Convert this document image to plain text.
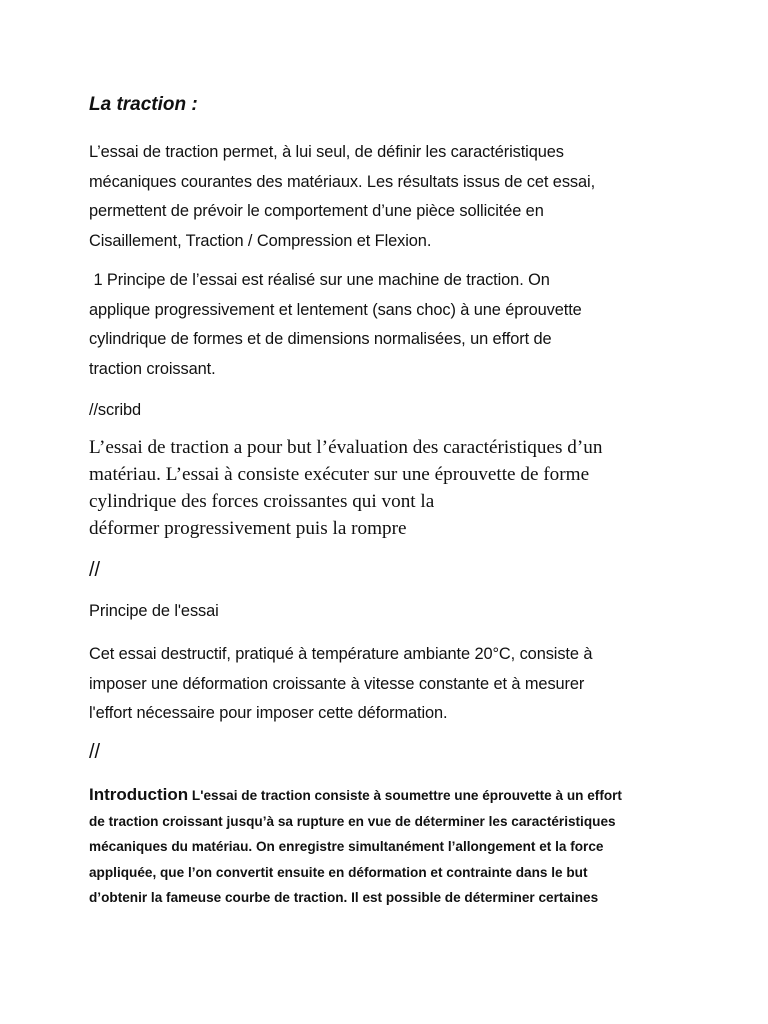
La traction :
L’essai de traction permet, à lui seul, de définir les caractéristiques
mécaniques courantes des matériaux. Les résultats issus de cet essai,
permettent de prévoir le comportement d’une pièce sollicitée en
Cisaillement, Traction / Compression et Flexion.
1 Principe de l’essai est réalisé sur une machine de traction. On
applique progressivement et lentement (sans choc) à une éprouvette
cylindrique de formes et de dimensions normalisées, un effort de
traction croissant.
//scribd
L’essai de traction a pour but l’évaluation des caractéristiques d’un
matériau. L’essai à consiste exécuter sur une éprouvette de forme
cylindrique des forces croissantes qui vont la
déformer progressivement puis la rompre
//
Principe de l'essai
Cet essai destructif, pratiqué à température ambiante 20°C, consiste à
imposer une déformation croissante à vitesse constante et à mesurer
l'effort nécessaire pour imposer cette déformation.
//
Introduction L'essai de traction consiste à soumettre une éprouvette à un effort
de traction croissant jusqu’à sa rupture en vue de déterminer les caractéristiques
mécaniques du matériau. On enregistre simultanément l’allongement et la force
appliquée, que l’on convertit ensuite en déformation et contrainte dans le but
d’obtenir la fameuse courbe de traction. Il est possible de déterminer certaines
